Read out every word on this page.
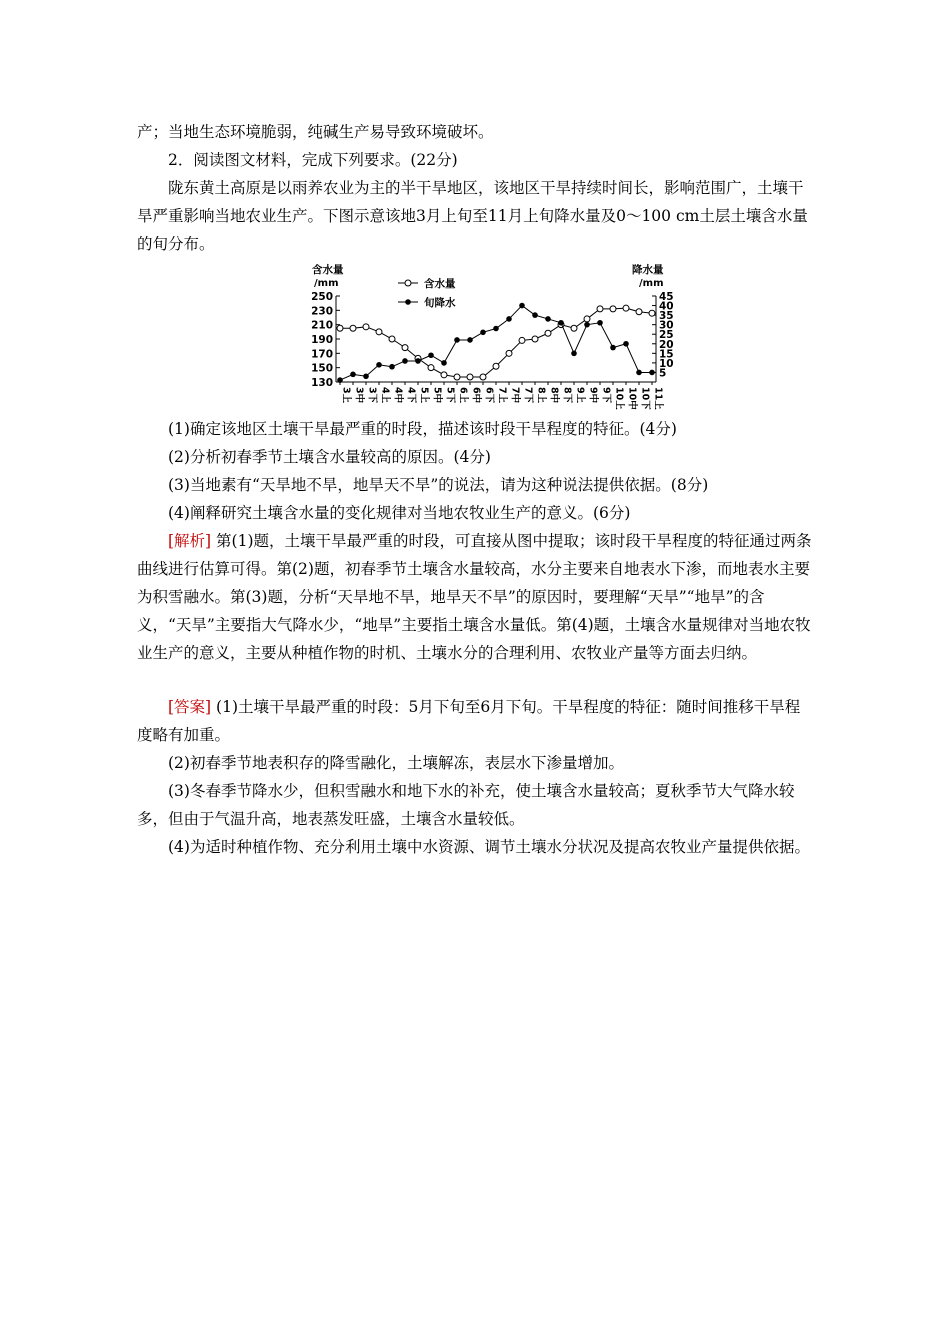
产；当地生态环境脆弱，纯碱生产易导致环境破坏。

2．阅读图文材料，完成下列要求。(22分)

陇东黄土高原是以雨养农业为主的半干旱地区，该地区干旱持续时间长，影响范围广，土壤干旱严重影响当地农业生产。下图示意该地3月上旬至11月上旬降水量及0～100 cm土层土壤含水量的旬分布。

130
150
170
190
210
230
250
5
10
15
20
25
30
35
40
45
含水量
/mm
降水量
/mm
含水量
旬降水
3上 3中 3下 4上 4中 4下 5上 5中 5下 6上 6中 6下 7上 7中 7下 8上 8中 8下 9上 9中 9下 10上 10中 10下 11上

(1)确定该地区土壤干旱最严重的时段，描述该时段干旱程度的特征。(4分)

(2)分析初春季节土壤含水量较高的原因。(4分)

(3)当地素有“天旱地不旱，地旱天不旱”的说法，请为这种说法提供依据。(8分)

(4)阐释研究土壤含水量的变化规律对当地农牧业生产的意义。(6分)

[解析] 第(1)题，土壤干旱最严重的时段，可直接从图中提取；该时段干旱程度的特征通过两条曲线进行估算可得。第(2)题，初春季节土壤含水量较高，水分主要来自地表水下渗，而地表水主要为积雪融水。第(3)题，分析“天旱地不旱，地旱天不旱”的原因时，要理解“天旱”“地旱”的含义，“天旱”主要指大气降水少，“地旱”主要指土壤含水量低。第(4)题，土壤含水量规律对当地农牧业生产的意义，主要从种植作物的时机、土壤水分的合理利用、农牧业产量等方面去归纳。

[答案] (1)土壤干旱最严重的时段：5月下旬至6月下旬。干旱程度的特征：随时间推移干旱程度略有加重。

(2)初春季节地表积存的降雪融化，土壤解冻，表层水下渗量增加。

(3)冬春季节降水少，但积雪融水和地下水的补充，使土壤含水量较高；夏秋季节大气降水较多，但由于气温升高，地表蒸发旺盛，土壤含水量较低。

(4)为适时种植作物、充分利用土壤中水资源、调节土壤水分状况及提高农牧业产量提供依据。
